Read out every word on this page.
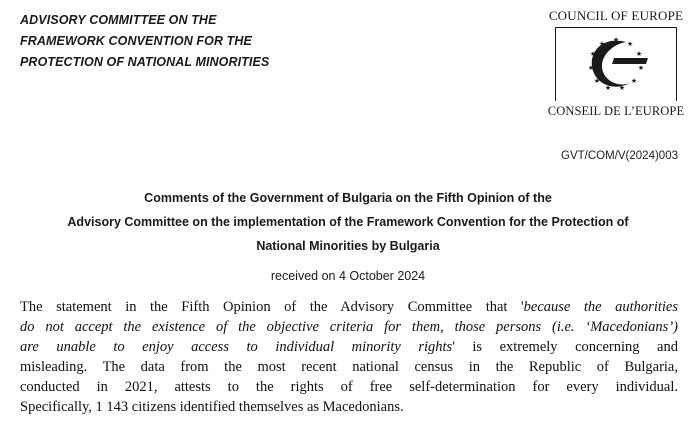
ADVISORY COMMITTEE ON THE
FRAMEWORK CONVENTION FOR THE
PROTECTION OF NATIONAL MINORITIES
COUNCIL OF EUROPE
★ ★
★
★
★
★
★
★
★
★
★
CONSEIL DE L’EUROPE
GVT/COM/V(2024)003
Comments of the Government of Bulgaria on the Fifth Opinion of the
Advisory Committee on the implementation of the Framework Convention for the Protection of
National Minorities by Bulgaria
received on 4 October 2024
The statement in the Fifth Opinion of the Advisory Committee that 'because the authorities
do not accept the existence of the objective criteria for them, those persons (i.e. ‘Macedonians’)
are unable to enjoy access to individual minority rights' is extremely concerning and
misleading. The data from the most recent national census in the Republic of Bulgaria,
conducted in 2021, attests to the rights of free self-determination for every individual.
Specifically, 1 143 citizens identified themselves as Macedonians.
